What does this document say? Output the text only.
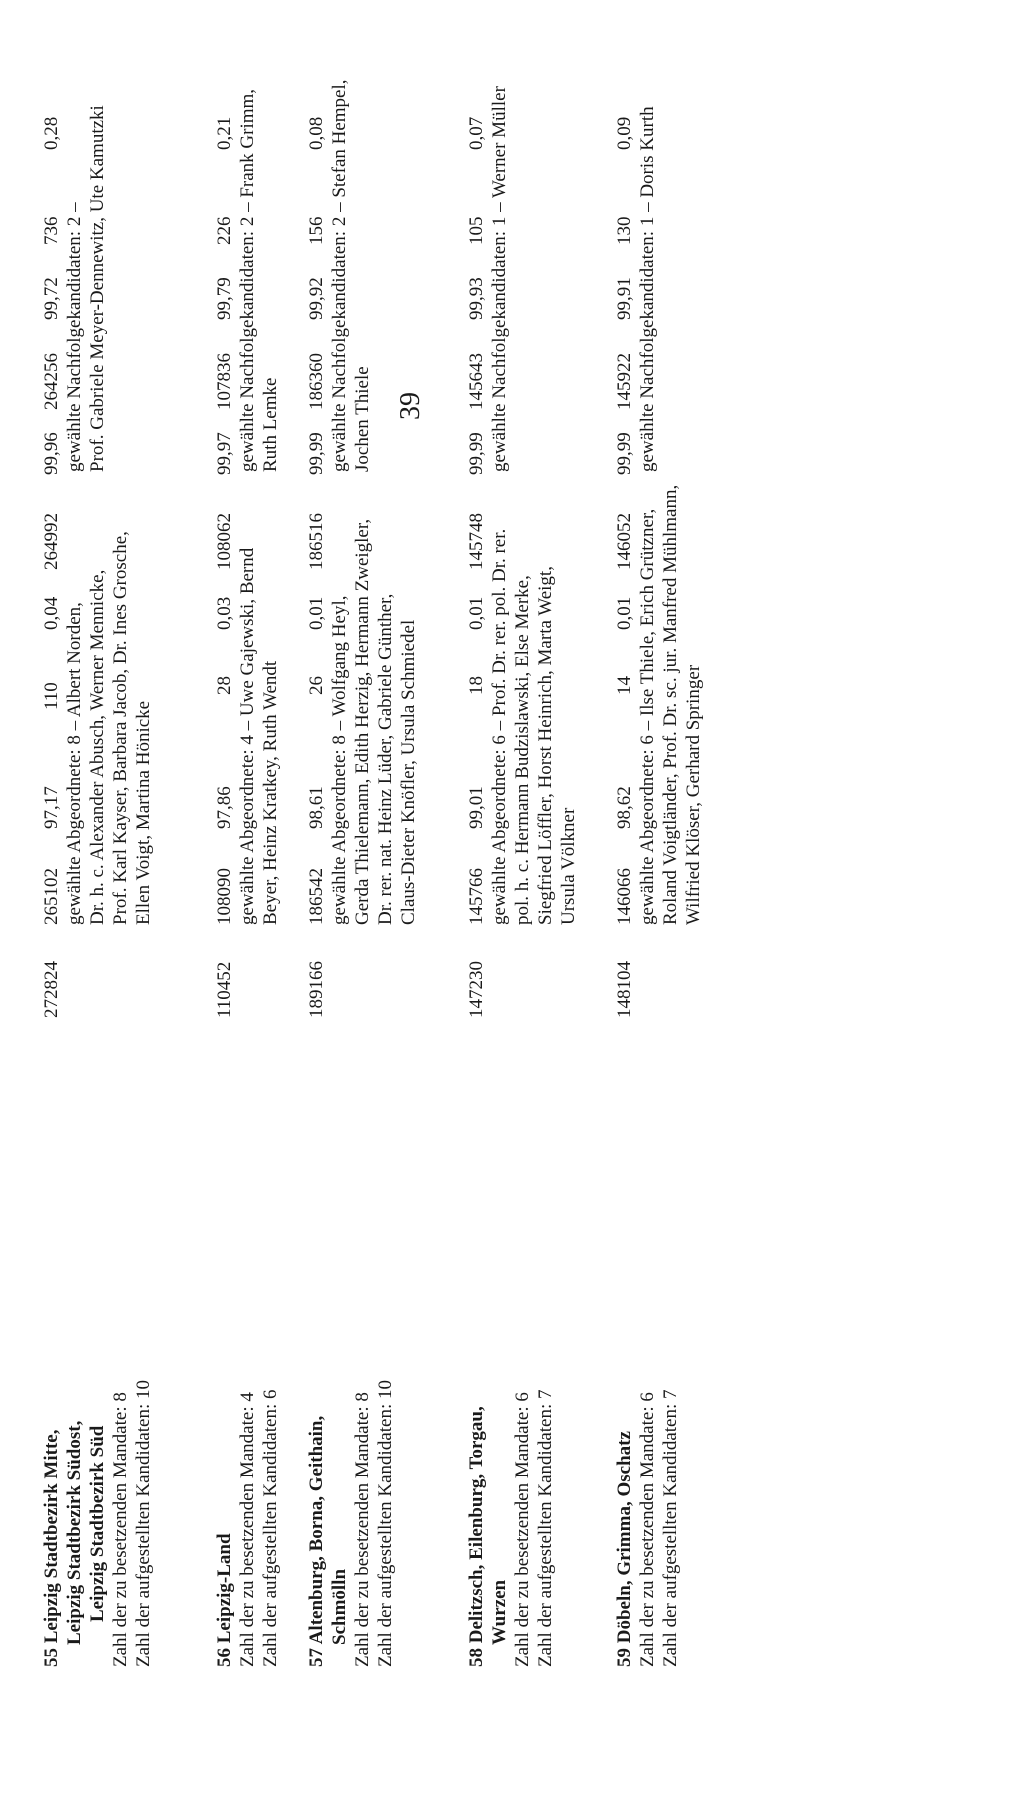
55 Leipzig Stadtbezirk Mitte,
272824
265102
97,17
110
0,04
264992
99,96
264256
99,72
736
0,28
Leipzig Stadtbezirk Südost,
gewählte Abgeordnete: 8 – Albert Norden,
gewählte Nachfolgekandidaten: 2 –
Leipzig Stadtbezirk Süd
Dr. h. c. Alexander Abusch, Werner Mennicke,
Prof. Gabriele Meyer-Dennewitz, Ute Kamutzki
Zahl der zu besetzenden Mandate: 8
Prof. Karl Kayser, Barbara Jacob, Dr. Ines Grosche,
Zahl der aufgestellten Kandidaten: 10
Ellen Voigt, Martina Hönicke
56 Leipzig-Land
110452
108090
97,86
28
0,03
108062
99,97
107836
99,79
226
0,21
Zahl der zu besetzenden Mandate: 4
gewählte Abgeordnete: 4 – Uwe Gajewski, Bernd
gewählte Nachfolgekandidaten: 2 – Frank Grimm,
Zahl der aufgestellten Kandidaten: 6
Beyer, Heinz Kratkey, Ruth Wendt
Ruth Lemke
57 Altenburg, Borna, Geithain,
189166
186542
98,61
26
0,01
186516
99,99
186360
99,92
156
0,08
Schmölln
gewählte Abgeordnete: 8 – Wolfgang Heyl,
gewählte Nachfolgekandidaten: 2 – Stefan Hempel,
Zahl der zu besetzenden Mandate: 8
Gerda Thielemann, Edith Herzig, Hermann Zweigler,
Jochen Thiele
Zahl der aufgestellten Kandidaten: 10
Dr. rer. nat. Heinz Lüder, Gabriele Günther, Claus-Dieter Knöfler, Ursula Schmiedel
58 Delitzsch, Eilenburg, Torgau,
147230
145766
99,01
18
0,01
145748
99,99
145643
99,93
105
0,07
Wurzen
gewählte Abgeordnete: 6 – Prof. Dr. rer. pol. Dr. rer.
gewählte Nachfolgekandidaten: 1 – Werner Müller
Zahl der zu besetzenden Mandate: 6
pol. h. c. Hermann Budzislawski, Else Merke,
Zahl der aufgestellten Kandidaten: 7
Siegfried Löffler, Horst Heinrich, Marta Weigt, Ursula Völkner
59 Döbeln, Grimma, Oschatz
148104
146066
98,62
14
0,01
146052
99,99
145922
99,91
130
0,09
Zahl der zu besetzenden Mandate: 6
gewählte Abgeordnete: 6 – Ilse Thiele, Erich Grützner,
gewählte Nachfolgekandidaten: 1 – Doris Kurth
Zahl der aufgestellten Kandidaten: 7
Roland Voigtländer, Prof. Dr. sc. jur. Manfred Mühlmann, Wilfried Klöser, Gerhard Springer
39
